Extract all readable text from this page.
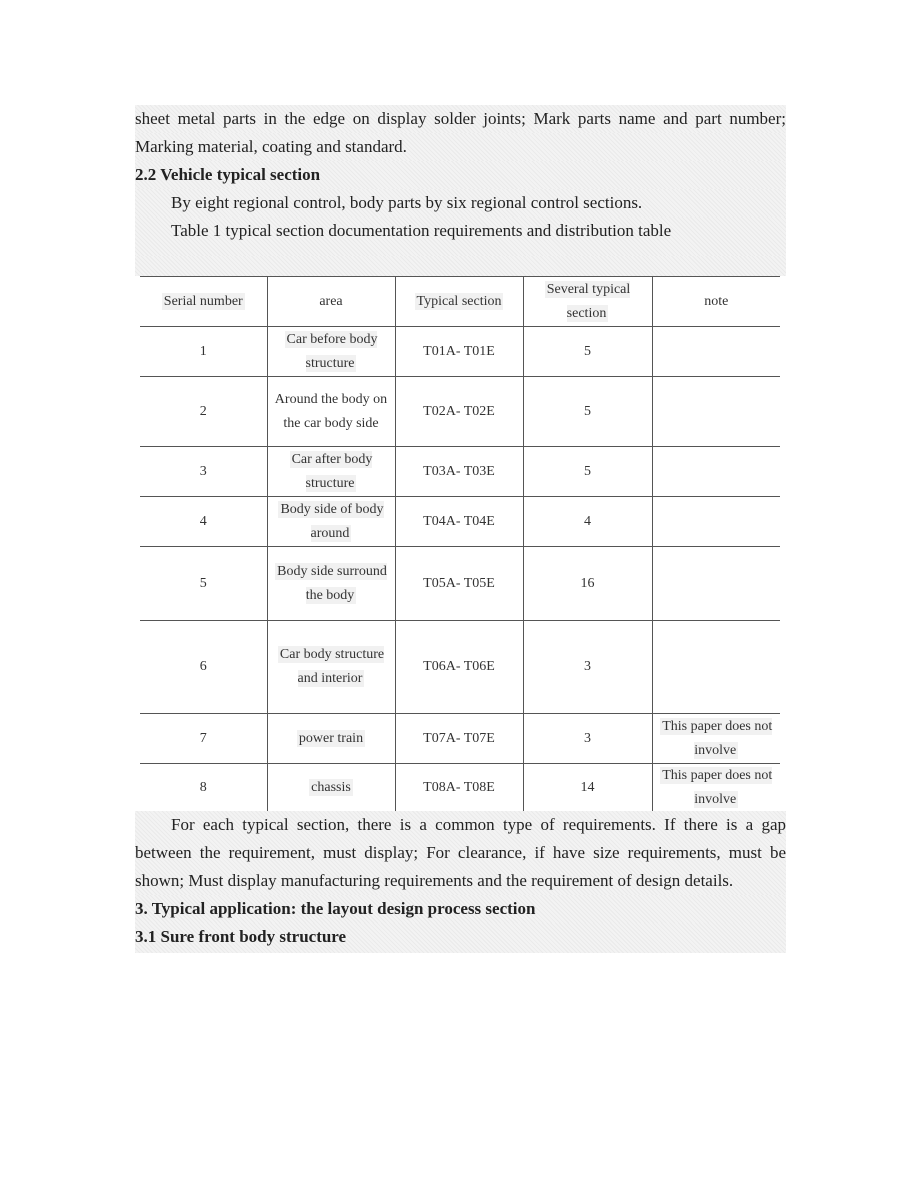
sheet metal parts in the edge on display solder joints; Mark parts name and part number;
Marking material, coating and standard.
2.2 Vehicle typical section
By eight regional control, body parts by six regional control sections.
Table 1 typical section documentation requirements and distribution table
Serial number	area	Typical section	Several typical section	note
1	Car before body structure	T01A- T01E	5	
2	Around the body on the car body side	T02A- T02E	5	
3	Car after body structure	T03A- T03E	5	
4	Body side of body around	T04A- T04E	4	
5	Body side surround the body	T05A- T05E	16	
6	Car body structure and interior	T06A- T06E	3	
7	power train	T07A- T07E	3	This paper does not involve
8	chassis	T08A- T08E	14	This paper does not involve
For each typical section, there is a common type of requirements. If there is a gap between the requirement, must display; For clearance, if have size requirements, must be shown; Must display manufacturing requirements and the requirement of design details.
3. Typical application: the layout design process section
3.1 Sure front body structure
